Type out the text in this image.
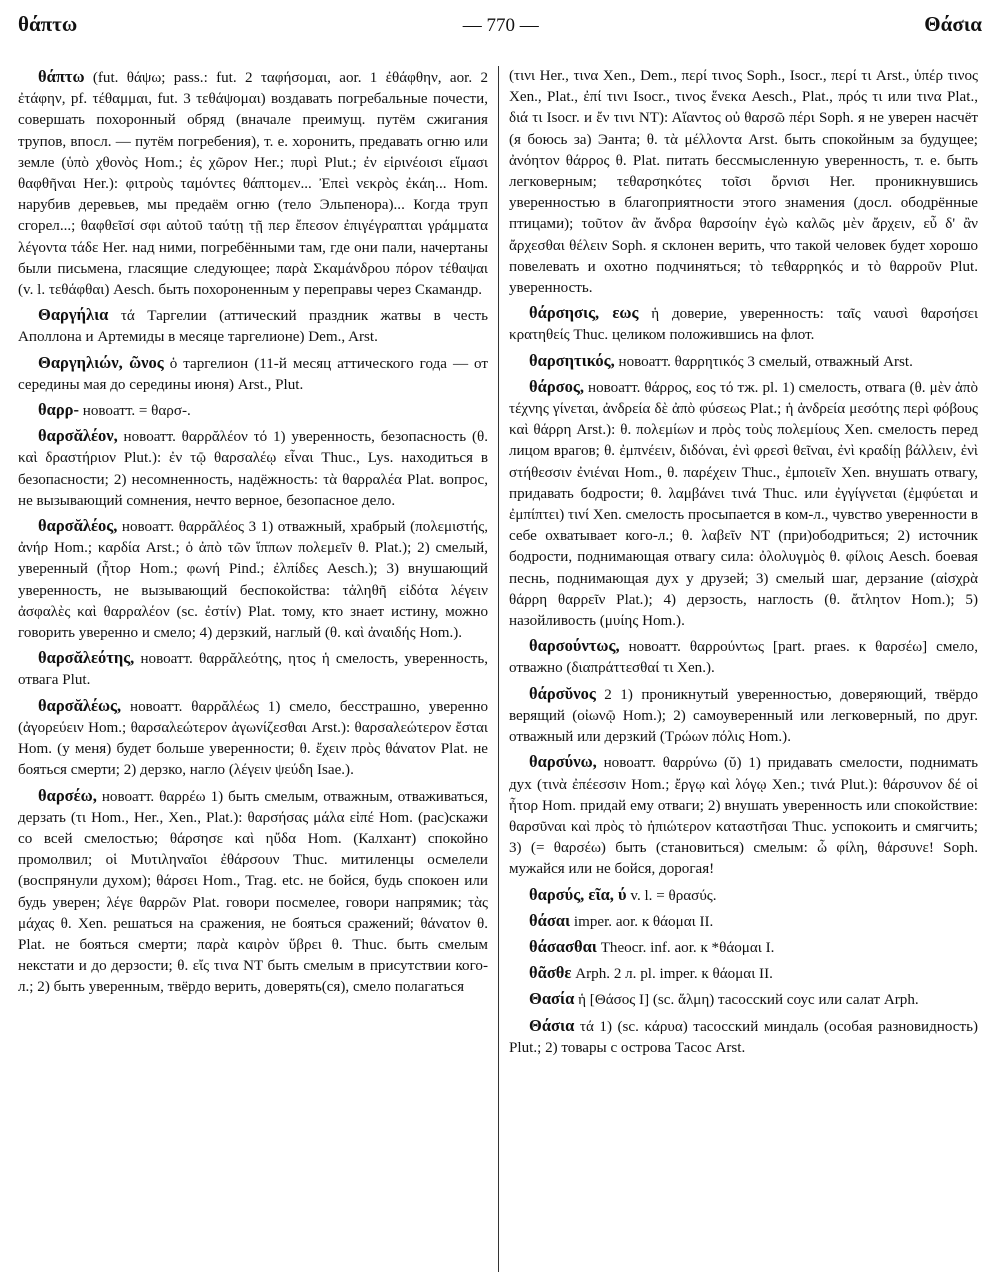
θάπτω	— 770 —	Θάσια

θάπτω (fut. θάψω; pass.: fut. 2 ταφήσομαι, aor. 1 ἐθάφθην, aor. 2 ἐτάφην, pf. τέθαμμαι, fut. 3 τεθάψομαι) воздавать погребальные почести, совершать похоронный обряд (вначале преимущ. путём сжигания трупов, впосл. — путём погребения), т. е. хоронить, предавать огню или земле (ὑπὸ χθονὸς Hom.; ἐς χῶρον Her.; πυρὶ Plut.; ἐν εἱρινέοισι εἵμασι θαφθῆναι Her.): φιτροὺς ταμόντες θάπτομεν... Ἐπεὶ νεκρὸς ἐκάη... Hom. нарубив деревьев, мы предаём огню (тело Эльпенора)... Когда труп сгорел...; θαφθεῖσί σφι αὐτοῦ ταύτῃ τῇ περ ἔπεσον ἐπιγέγραπται γράμματα λέγοντα τάδε Her. над ними, погребёнными там, где они пали, начертаны были письмена, гласящие следующее; παρὰ Σκαμάνδρου πόρον τέθαψαι (v. l. τεθάφθαι) Aesch. быть похороненным у переправы через Скамандр.

Θαργήλια τά Таргелии (аттический праздник жатвы в честь Аполлона и Артемиды в месяце таргелионе) Dem., Arst.

Θαργηλιών, ῶνος ὁ таргелион (11-й месяц аттического года — от середины мая до середины июня) Arst., Plut.

θαρρ- новоатт. = θαρσ-.

θαρσᾰλέον, новоатт. θαρρᾰλέον τό 1) уверенность, безопасность (θ. καὶ δραστήριον Plut.): ἐν τῷ θαρσαλέῳ εἶναι Thuc., Lys. находиться в безопасности; 2) несомненность, надёжность: τὰ θαρραλέα Plat. вопрос, не вызывающий сомнения, нечто верное, безопасное дело.

θαρσᾰλέος, новоатт. θαρρᾰλέος 3 1) отважный, храбрый (πολεμιστής, ἀνήρ Hom.; καρδία Arst.; ὁ ἀπὸ τῶν ἵππων πολεμεῖν θ. Plat.); 2) смелый, уверенный (ἦτορ Hom.; φωνή Pind.; ἐλπίδες Aesch.); 3) внушающий уверенность, не вызывающий беспокойства: τἀληθῆ εἰδότα λέγειν ἀσφαλὲς καὶ θαρραλέον (sc. ἐστίν) Plat. тому, кто знает истину, можно говорить уверенно и смело; 4) дерзкий, наглый (θ. καὶ ἀναιδής Hom.).

θαρσᾰλεότης, новоатт. θαρρᾰλεότης, ητος ἡ смелость, уверенность, отвага Plut.

θαρσᾰλέως, новоатт. θαρρᾰλέως 1) смело, бесстрашно, уверенно (ἀγορεύειν Hom.; θαρσαλεώτερον ἀγωνίζεσθαι Arst.): θαρσαλεώτερον ἔσται Hom. (у меня) будет больше уверенности; θ. ἔχειν πρὸς θάνατον Plat. не бояться смерти; 2) дерзко, нагло (λέγειν ψεύδη Isae.).

θαρσέω, новоатт. θαρρέω 1) быть смелым, отважным, отваживаться, дерзать (τι Hom., Her., Xen., Plat.): θαρσήσας μάλα εἰπέ Hom. (рас)скажи со всей смелостью; θάρσησε καὶ ηὔδα Hom. (Калхант) спокойно промолвил; οἱ Μυτιληναῖοι ἐθάρσουν Thuc. митиленцы осмелели (воспрянули духом); θάρσει Hom., Trag. etc. не бойся, будь спокоен или будь уверен; λέγε θαρρῶν Plat. говори посмелее, говори напрямик; τὰς μάχας θ. Xen. решаться на сражения, не бояться сражений; θάνατον θ. Plat. не бояться смерти; παρὰ καιρὸν ὕβρει θ. Thuc. быть смелым некстати и до дерзости; θ. εἴς τινα NT быть смелым в присутствии кого-л.; 2) быть уверенным, твёрдо верить, доверять(ся), смело полагаться

(τινι Her., τινα Xen., Dem., περί τινος Soph., Isocr., περί τι Arst., ὑπέρ τινος Xen., Plat., ἐπί τινι Isocr., τινος ἕνεκα Aesch., Plat., πρός τι или τινα Plat., διά τι Isocr. и ἔν τινι NT): Αἴαντος οὐ θαρσῶ πέρι Soph. я не уверен насчёт (я боюсь за) Эанта; θ. τὰ μέλλοντα Arst. быть спокойным за будущее; ἀνόητον θάρρος θ. Plat. питать бессмысленную уверенность, т. е. быть легковерным; τεθαρσηκότες τοῖσι ὄρνισι Her. проникнувшись уверенностью в благоприятности этого знамения (досл. ободрённые птицами); τοῦτον ἂν ἄνδρα θαρσοίην ἐγὼ καλῶς μὲν ἄρχειν, εὖ δ' ἂν ἄρχεσθαι θέλειν Soph. я склонен верить, что такой человек будет хорошо повелевать и охотно подчиняться; τὸ τεθαρρηκός и τὸ θαρροῦν Plut. уверенность.

θάρσησις, εως ἡ доверие, уверенность: ταῖς ναυσὶ θαρσήσει κρατηθείς Thuc. целиком положившись на флот.

θαρσητικός, новоатт. θαρρητικός 3 смелый, отважный Arst.

θάρσος, новоатт. θάρρος, εος τό тж. pl. 1) смелость, отвага (θ. μὲν ἀπὸ τέχνης γίνεται, ἀνδρεία δὲ ἀπὸ φύσεως Plat.; ἡ ἀνδρεία μεσότης περὶ φόβους καὶ θάρρη Arst.): θ. πολεμίων и πρὸς τοὺς πολεμίους Xen. смелость перед лицом врагов; θ. ἐμπνέειν, διδόναι, ἐνὶ φρεσὶ θεῖναι, ἐνὶ κραδίῃ βάλλειν, ἐνὶ στήθεσσιν ἐνιέναι Hom., θ. παρέχειν Thuc., ἐμποιεῖν Xen. внушать отвагу, придавать бодрости; θ. λαμβάνει τινά Thuc. или ἐγγίγνεται (ἐμφύεται и ἐμπίπτει) τινί Xen. смелость просыпается в ком-л., чувство уверенности в себе охватывает кого-л.; θ. λαβεῖν NT (при)ободриться; 2) источник бодрости, поднимающая отвагу сила: ὀλολυγμὸς θ. φίλοις Aesch. боевая песнь, поднимающая дух у друзей; 3) смелый шаг, дерзание (αἰσχρὰ θάρρη θαρρεῖν Plat.); 4) дерзость, наглость (θ. ἄτλητον Hom.); 5) назойливость (μυίης Hom.).

θαρσούντως, новоатт. θαρρούντως [part. praes. к θαρσέω] смело, отважно (διαπράττεσθαί τι Xen.).

θάρσῠνος 2 1) проникнутый уверенностью, доверяющий, твёрдо верящий (οἰωνῷ Hom.); 2) самоуверенный или легковерный, по друг. отважный или дерзкий (Τρώων πόλις Hom.).

θαρσύνω, новоатт. θαρρύνω (ῠ) 1) придавать смелости, поднимать дух (τινὰ ἐπέεσσιν Hom.; ἔργῳ καὶ λόγῳ Xen.; τινά Plut.): θάρσυνον δέ οἱ ἦτορ Hom. придай ему отваги; 2) внушать уверенность или спокойствие: θαρσῦναι καὶ πρὸς τὸ ἠπιώτερον καταστῆσαι Thuc. успокоить и смягчить; 3) (= θαρσέω) быть (становиться) смелым: ὦ φίλη, θάρσυνε! Soph. мужайся или не бойся, дорогая!

θαρσύς, εῖα, ύ v. l. = θρασύς.

θάσαι imper. aor. к θάομαι II.

θάσασθαι Theocr. inf. aor. к *θάομαι I.

θᾶσθε Arph. 2 л. pl. imper. к θάομαι II.

Θασία ἡ [Θάσος I] (sc. ἅλμη) тасосский соус или салат Arph.

Θάσια τά 1) (sc. κάρυα) тасосский миндаль (особая разновидность) Plut.; 2) товары с острова Тасос Arst.
